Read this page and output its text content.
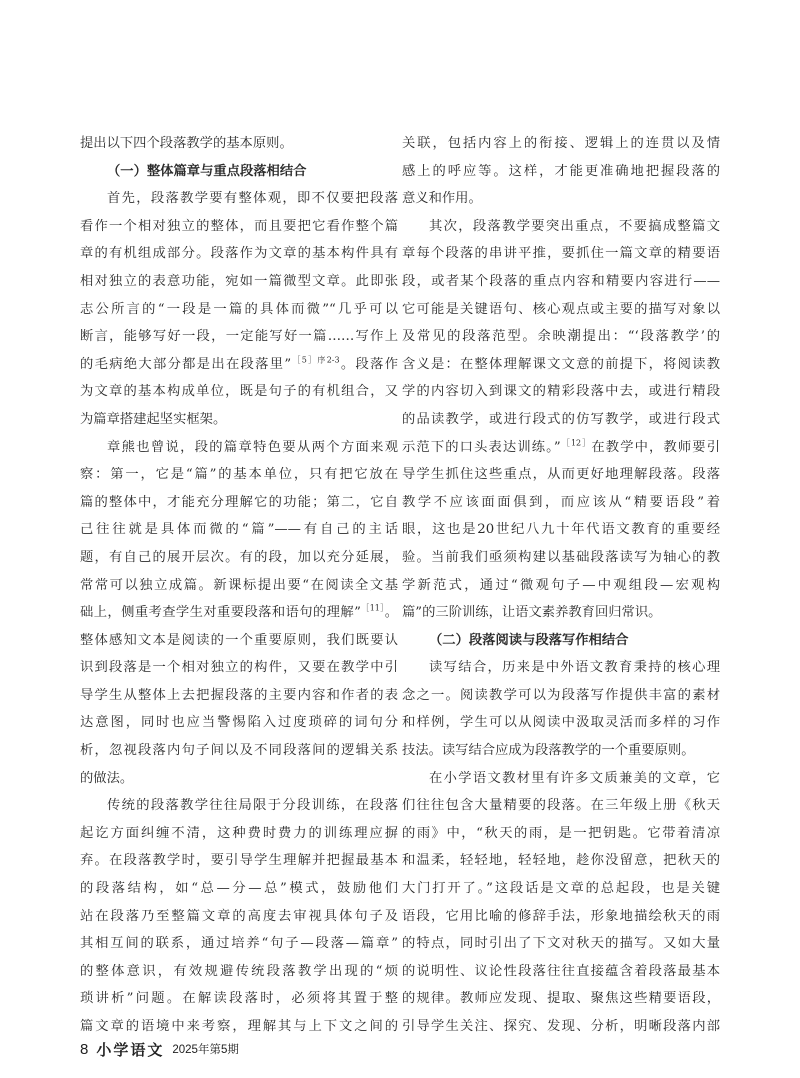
提出以下四个段落教学的基本原则。
（一）整体篇章与重点段落相结合
首先，段落教学要有整体观，即不仅要把段落
看作一个相对独立的整体，而且要把它看作整个篇
章的有机组成部分。段落作为文章的基本构件具有
相对独立的表意功能，宛如一篇微型文章。此即张
志公所言的“一段是一篇的具体而微”“几乎可以
断言，能够写好一段，一定能写好一篇……写作上
的毛病绝大部分都是出在段落里”$^{[5]序2-3}$。段落作
为文章的基本构成单位，既是句子的有机组合，又
为篇章搭建起坚实框架。
章熊也曾说，段的篇章特色要从两个方面来观
察：第一，它是“篇”的基本单位，只有把它放在
篇的整体中，才能充分理解它的功能；第二，它自
己往往就是具体而微的“篇”——有自己的主话
题，有自己的展开层次。有的段，加以充分延展，
常常可以独立成篇。新课标提出要“在阅读全文基
础上，侧重考查学生对重要段落和语句的理解”$^{[11]}$。
整体感知文本是阅读的一个重要原则，我们既要认
识到段落是一个相对独立的构件，又要在教学中引
导学生从整体上去把握段落的主要内容和作者的表
达意图，同时也应当警惕陷入过度琐碎的词句分
析，忽视段落内句子间以及不同段落间的逻辑关系
的做法。
传统的段落教学往往局限于分段训练，在段落
起讫方面纠缠不清，这种费时费力的训练理应摒
弃。在段落教学时，要引导学生理解并把握最基本
的段落结构，如“总—分—总”模式，鼓励他们
站在段落乃至整篇文章的高度去审视具体句子及
其相互间的联系，通过培养“句子—段落—篇章”
的整体意识，有效规避传统段落教学出现的“烦
琐讲析”问题。在解读段落时，必须将其置于整
篇文章的语境中来考察，理解其与上下文之间的
关联，包括内容上的衔接、逻辑上的连贯以及情
感上的呼应等。这样，才能更准确地把握段落的
意义和作用。
其次，段落教学要突出重点，不要搞成整篇文
章每个段落的串讲平推，要抓住一篇文章的精要语
段，或者某个段落的重点内容和精要内容进行——
它可能是关键语句、核心观点或主要的描写对象以
及常见的段落范型。余映潮提出：“‘段落教学’的
含义是：在整体理解课文文意的前提下，将阅读教
学的内容切入到课文的精彩段落中去，或进行精段
的品读教学，或进行段式的仿写教学，或进行段式
示范下的口头表达训练。”$^{[12]}$在教学中，教师要引
导学生抓住这些重点，从而更好地理解段落。段落
教学不应该面面俱到，而应该从“精要语段”着
眼，这也是20世纪八九十年代语文教育的重要经
验。当前我们亟须构建以基础段落读写为轴心的教
学新范式，通过“微观句子—中观组段—宏观构
篇”的三阶训练，让语文素养教育回归常识。
（二）段落阅读与段落写作相结合
读写结合，历来是中外语文教育秉持的核心理
念之一。阅读教学可以为段落写作提供丰富的素材
和样例，学生可以从阅读中汲取灵活而多样的习作
技法。读写结合应成为段落教学的一个重要原则。
在小学语文教材里有许多文质兼美的文章，它
们往往包含大量精要的段落。在三年级上册《秋天
的雨》中，“秋天的雨，是一把钥匙。它带着清凉
和温柔，轻轻地，轻轻地，趁你没留意，把秋天的
大门打开了。”这段话是文章的总起段，也是关键
语段，它用比喻的修辞手法，形象地描绘秋天的雨
的特点，同时引出了下文对秋天的描写。又如大量
的说明性、议论性段落往往直接蕴含着段落最基本
的规律。教师应发现、提取、聚焦这些精要语段，
引导学生关注、探究、发现、分析，明晰段落内部
8 小学语文 2025年第5期
